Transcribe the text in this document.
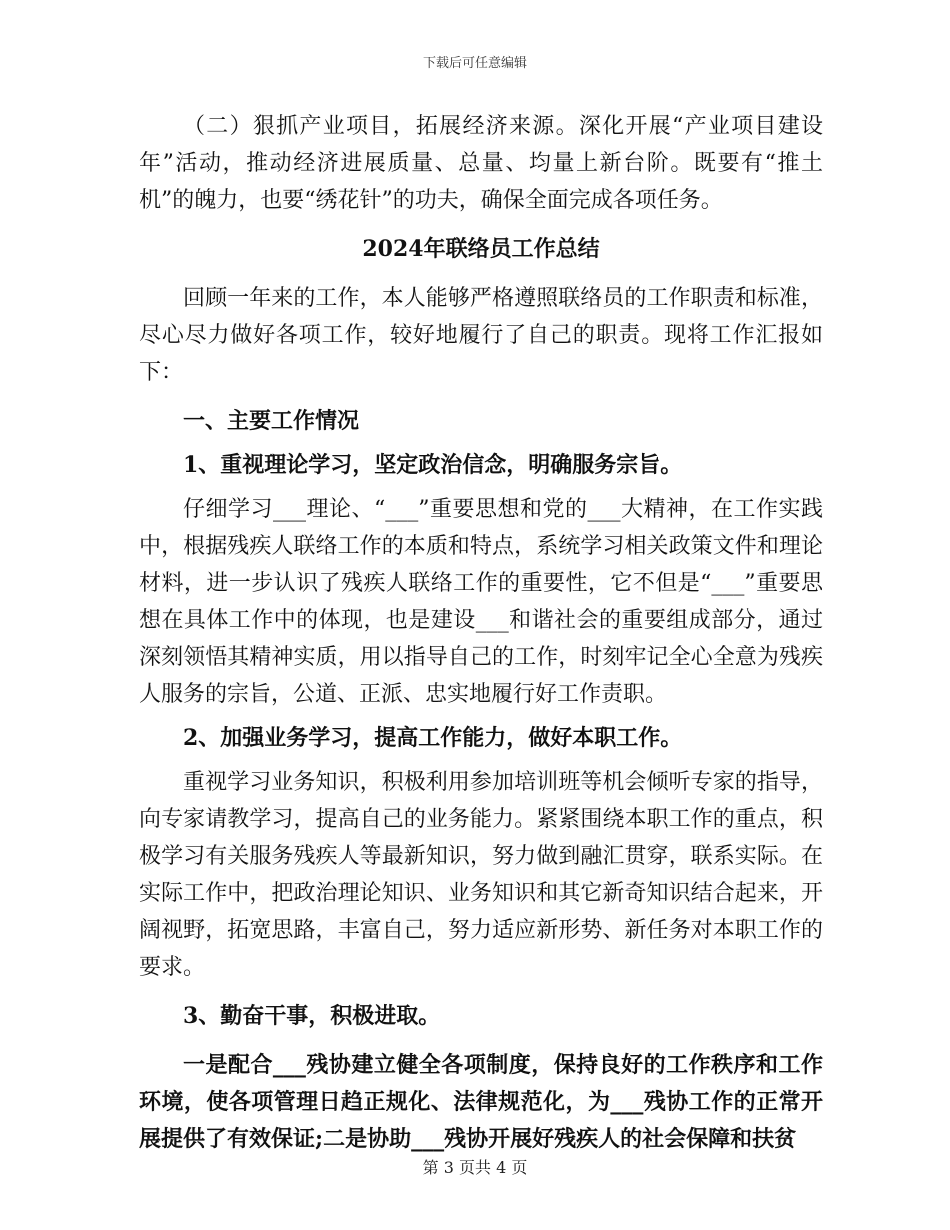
下载后可任意编辑

（二）狠抓产业项目，拓展经济来源。深化开展“产业项目建设年”活动，推动经济进展质量、总量、均量上新台阶。既要有“推土机”的魄力，也要“绣花针”的功夫，确保全面完成各项任务。

2024年联络员工作总结

回顾一年来的工作，本人能够严格遵照联络员的工作职责和标准，尽心尽力做好各项工作，较好地履行了自己的职责。现将工作汇报如下：

一、主要工作情况

1、重视理论学习，坚定政治信念，明确服务宗旨。

仔细学习___理论、“___”重要思想和党的___大精神，在工作实践中，根据残疾人联络工作的本质和特点，系统学习相关政策文件和理论材料，进一步认识了残疾人联络工作的重要性，它不但是“___”重要思想在具体工作中的体现，也是建设___和谐社会的重要组成部分，通过深刻领悟其精神实质，用以指导自己的工作，时刻牢记全心全意为残疾人服务的宗旨，公道、正派、忠实地履行好工作责职。

2、加强业务学习，提高工作能力，做好本职工作。

重视学习业务知识，积极利用参加培训班等机会倾听专家的指导，向专家请教学习，提高自己的业务能力。紧紧围绕本职工作的重点，积极学习有关服务残疾人等最新知识，努力做到融汇贯穿，联系实际。在实际工作中，把政治理论知识、业务知识和其它新奇知识结合起来，开阔视野，拓宽思路，丰富自己，努力适应新形势、新任务对本职工作的要求。

3、勤奋干事，积极进取。

一是配合___残协建立健全各项制度，保持良好的工作秩序和工作环境，使各项管理日趋正规化、法律规范化，为___残协工作的正常开展提供了有效保证;二是协助___残协开展好残疾人的社会保障和扶贫

第 3 页共 4 页
